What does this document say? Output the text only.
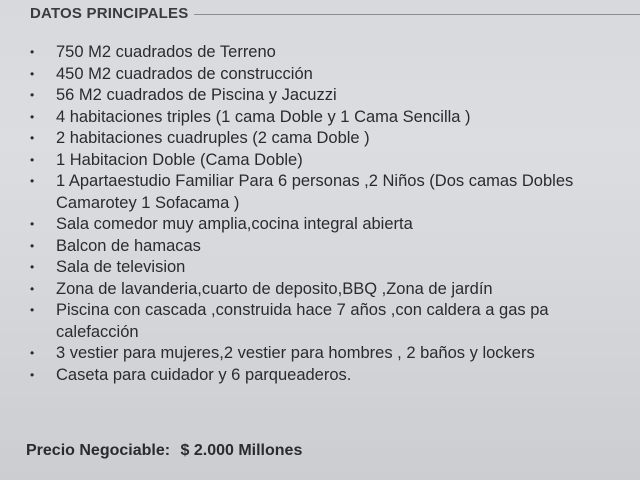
DATOS PRINCIPALES
•	750 M2 cuadrados de Terreno
•	450 M2 cuadrados de construcción
•	56 M2 cuadrados de Piscina y Jacuzzi
•	4 habitaciones triples (1 cama Doble y 1 Cama Sencilla )
•	2 habitaciones cuadruples (2 cama Doble )
•	1 Habitacion Doble (Cama Doble)
•	1 Apartaestudio Familiar Para 6 personas ,2 Niños (Dos camas Dobles
Camarotey 1 Sofacama )
•	Sala comedor muy amplia,cocina integral abierta
•	Balcon de hamacas
•	Sala de television
•	Zona de lavanderia,cuarto de deposito,BBQ ,Zona de jardín
•	Piscina con cascada ,construida hace 7 años ,con caldera a gas pa
calefacción
•	3 vestier para mujeres,2 vestier para hombres , 2 baños y lockers
•	Caseta para cuidador y 6 parqueaderos.
Precio Negociable: $ 2.000 Millones
